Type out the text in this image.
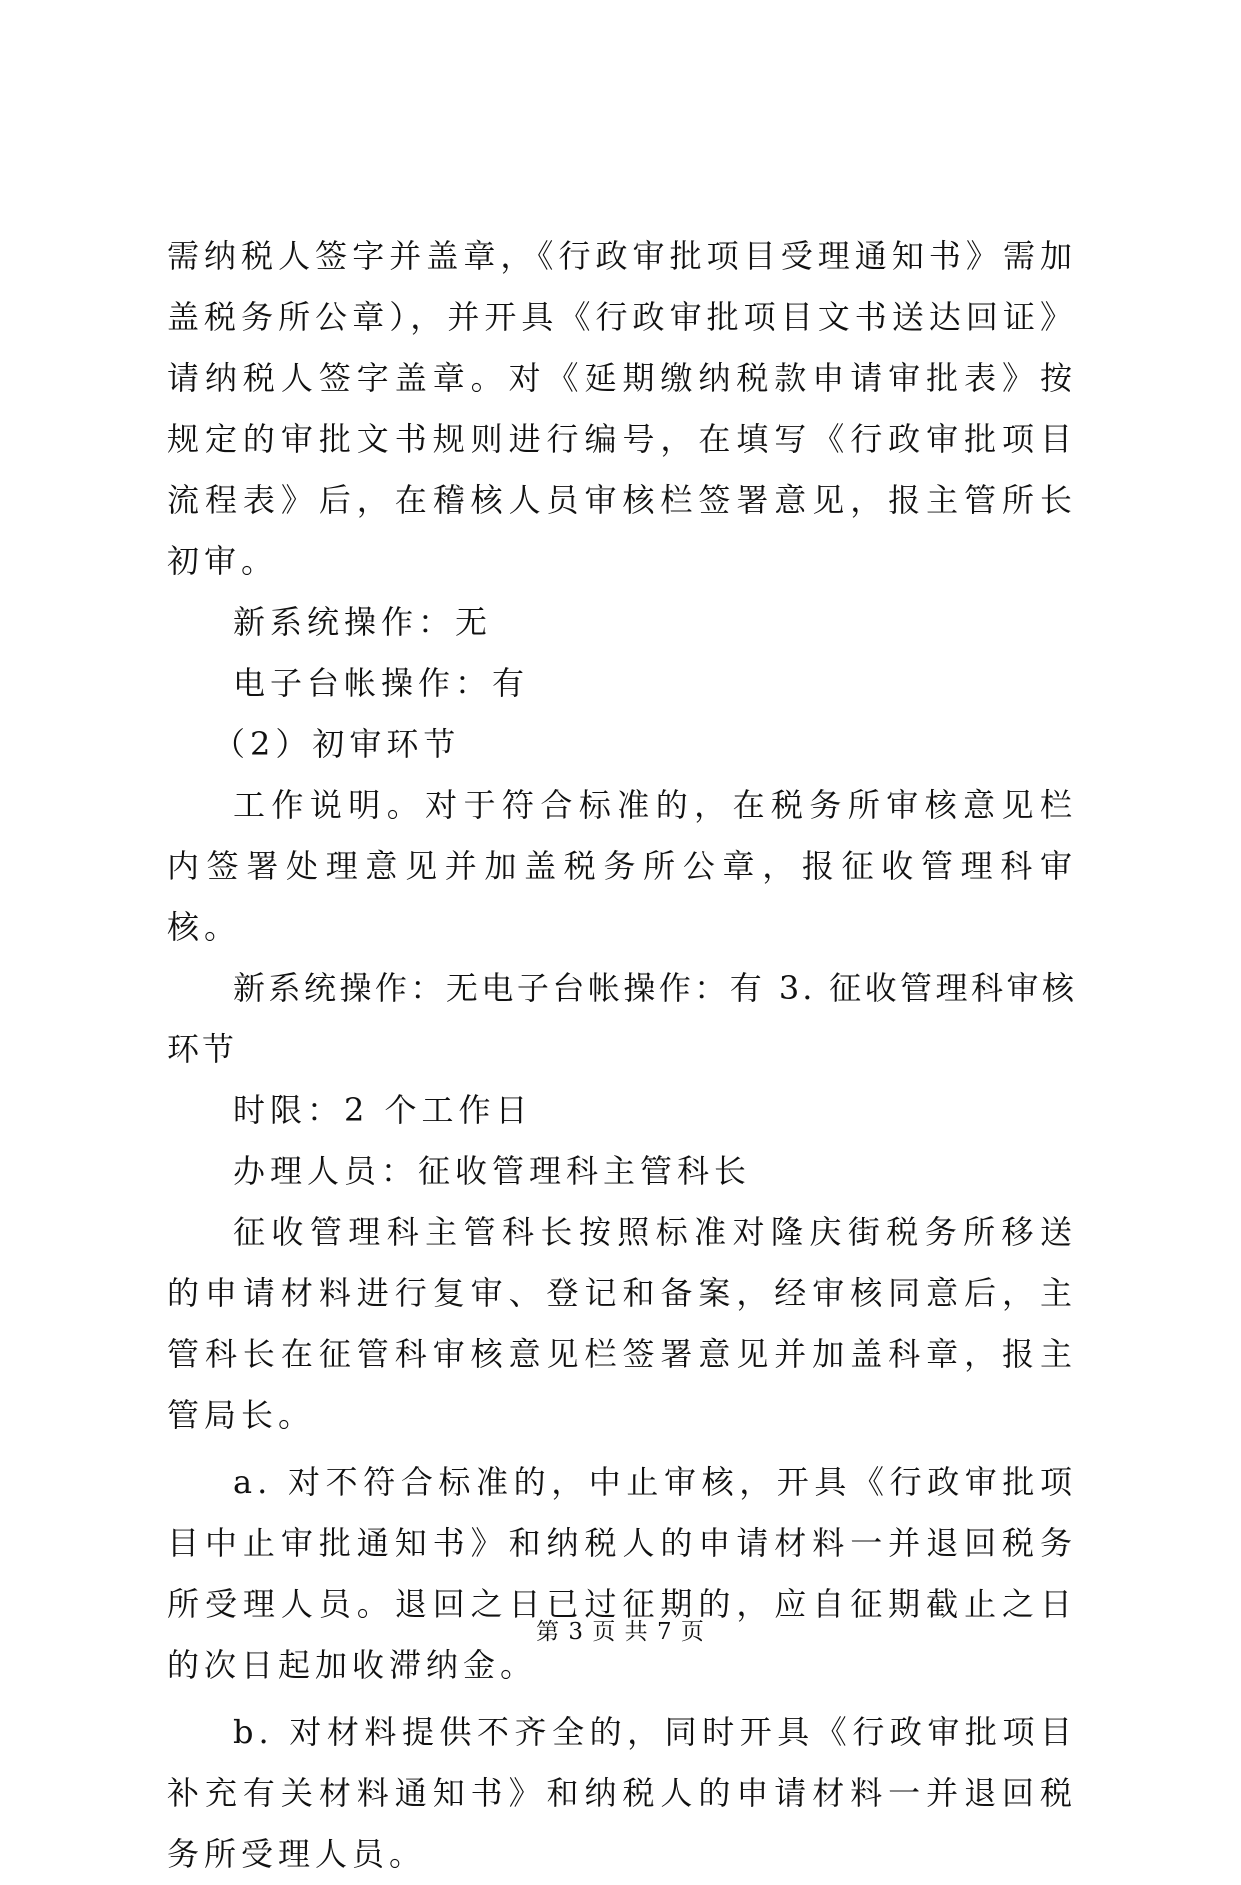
需纳税人签字并盖章，《行政审批项目受理通知书》需加盖税务所公章），并开具《行政审批项目文书送达回证》请纳税人签字盖章。对《延期缴纳税款申请审批表》按规定的审批文书规则进行编号，在填写《行政审批项目流程表》后，在稽核人员审核栏签署意见，报主管所长初审。

新系统操作：无

电子台帐操作：有

（2）初审环节

工作说明。对于符合标准的，在税务所审核意见栏内签署处理意见并加盖税务所公章，报征收管理科审核。

新系统操作：无电子台帐操作：有 3. 征收管理科审核环节

时限：2 个工作日

办理人员：征收管理科主管科长

征收管理科主管科长按照标准对隆庆街税务所移送的申请材料进行复审、登记和备案，经审核同意后，主管科长在征管科审核意见栏签署意见并加盖科章，报主管局长。

a. 对不符合标准的，中止审核，开具《行政审批项目中止审批通知书》和纳税人的申请材料一并退回税务所受理人员。退回之日已过征期的，应自征期截止之日的次日起加收滞纳金。

b. 对材料提供不齐全的，同时开具《行政审批项目补充有关材料通知书》和纳税人的申请材料一并退回税务所受理人员。

第 3 页 共 7 页
